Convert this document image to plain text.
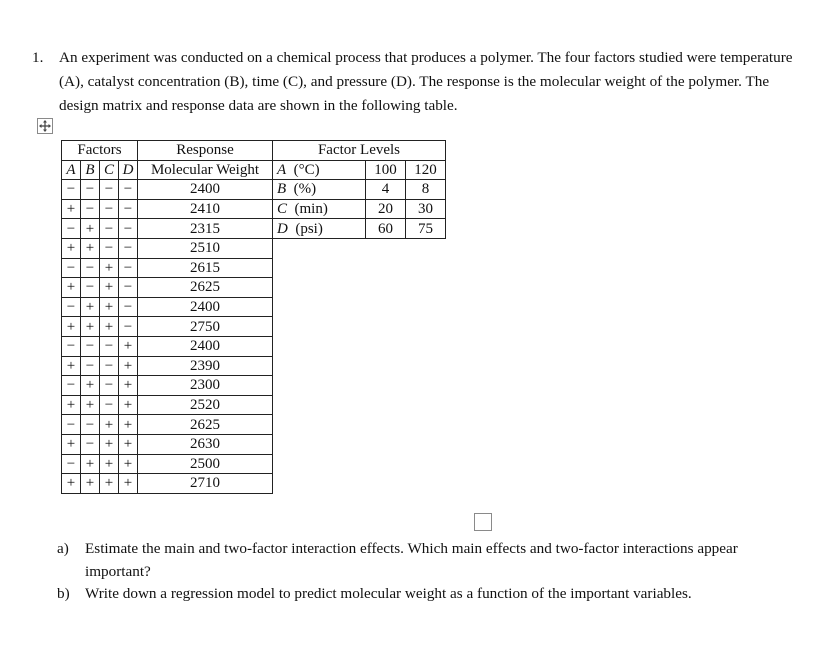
1. An experiment was conducted on a chemical process that produces a polymer. The four factors studied were temperature (A), catalyst concentration (B), time (C), and pressure (D). The response is the molecular weight of the polymer. The design matrix and response data are shown in the following table.
Factors				Response	Factor Levels		
A	B	C	D	Molecular Weight	A (°C)	100	120
−	−	−	−	2400	B (%)	4	8
+	−	−	−	2410	C (min)	20	30
−	+	−	−	2315	D (psi)	60	75
+	+	−	−	2510			
−	−	+	−	2615			
+	−	+	−	2625			
−	+	+	−	2400			
+	+	+	−	2750			
−	−	−	+	2400			
+	−	−	+	2390			
−	+	−	+	2300			
+	+	−	+	2520			
−	−	+	+	2625			
+	−	+	+	2630			
−	+	+	+	2500			
+	+	+	+	2710			
a) Estimate the main and two-factor interaction effects. Which main effects and two-factor interactions appear important?
b) Write down a regression model to predict molecular weight as a function of the important variables.
